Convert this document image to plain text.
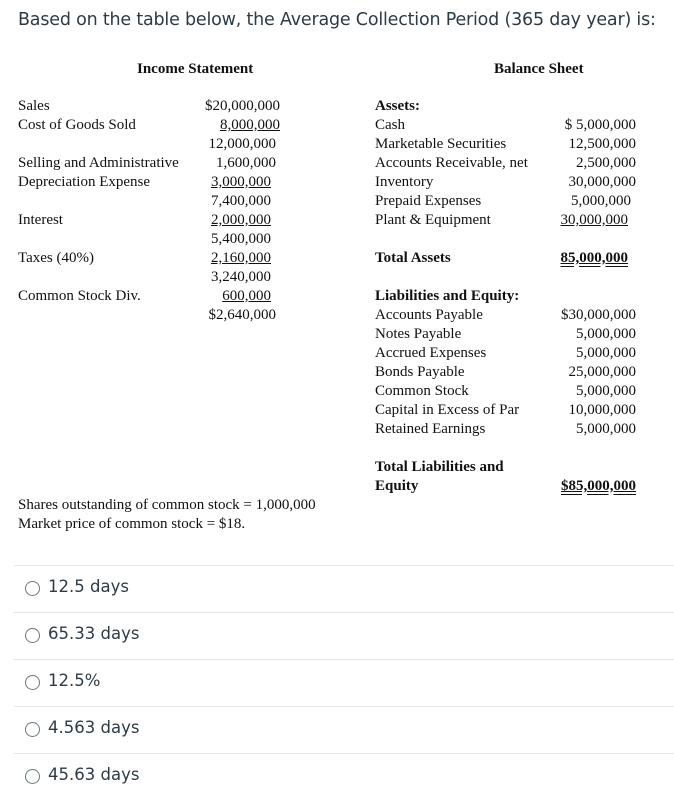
Based on the table below, the Average Collection Period (365 day year) is:
Income Statement
Sales	$20,000,000
Cost of Goods Sold	8,000,000
12,000,000
Selling and Administrative 1,600,000
Depreciation Expense	3,000,000
7,400,000
Interest	2,000,000
5,400,000
Taxes (40%)	2,160,000
3,240,000
Common Stock Div.	600,000
$2,640,000
Balance Sheet
Assets:
Cash	$ 5,000,000
Marketable Securities	12,500,000
Accounts Receivable, net	2,500,000
Inventory	30,000,000
Prepaid Expenses	5,000,000
Plant & Equipment	30,000,000
Total Assets	85,000,000
Liabilities and Equity:
Accounts Payable	$30,000,000
Notes Payable	5,000,000
Accrued Expenses	5,000,000
Bonds Payable	25,000,000
Common Stock	5,000,000
Capital in Excess of Par	10,000,000
Retained Earnings	5,000,000
Total Liabilities and
Equity	$85,000,000
Shares outstanding of common stock = 1,000,000
Market price of common stock = $18.
12.5 days
65.33 days
12.5%
4.563 days
45.63 days
